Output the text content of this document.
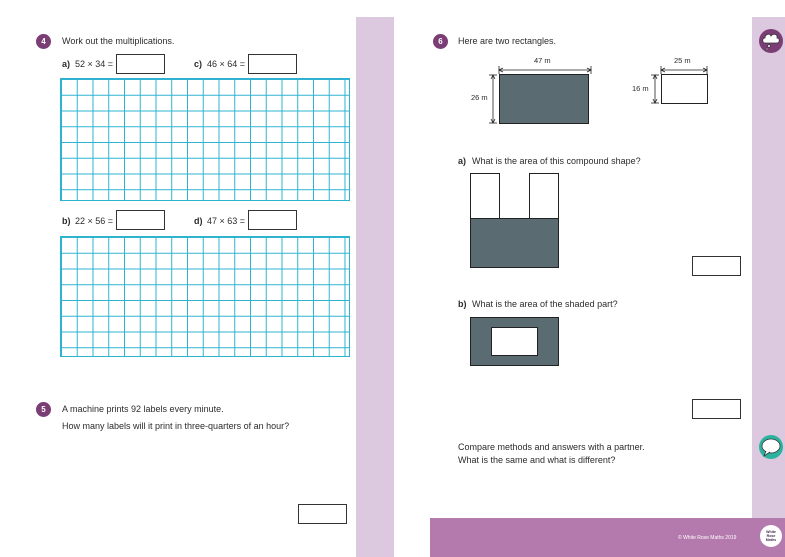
4	Work out the multiplications.
a) 52 × 34 =	c) 46 × 64 =
b) 22 × 56 =	d) 47 × 63 =
5	A machine prints 92 labels every minute.
How many labels will it print in three-quarters of an hour?
6	Here are two rectangles.
47 m
26 m
25 m
16 m
a) What is the area of this compound shape?
b) What is the area of the shaded part?
Compare methods and answers with a partner.
What is the same and what is different?
© White Rose Maths 2019
White
Rose
Maths
